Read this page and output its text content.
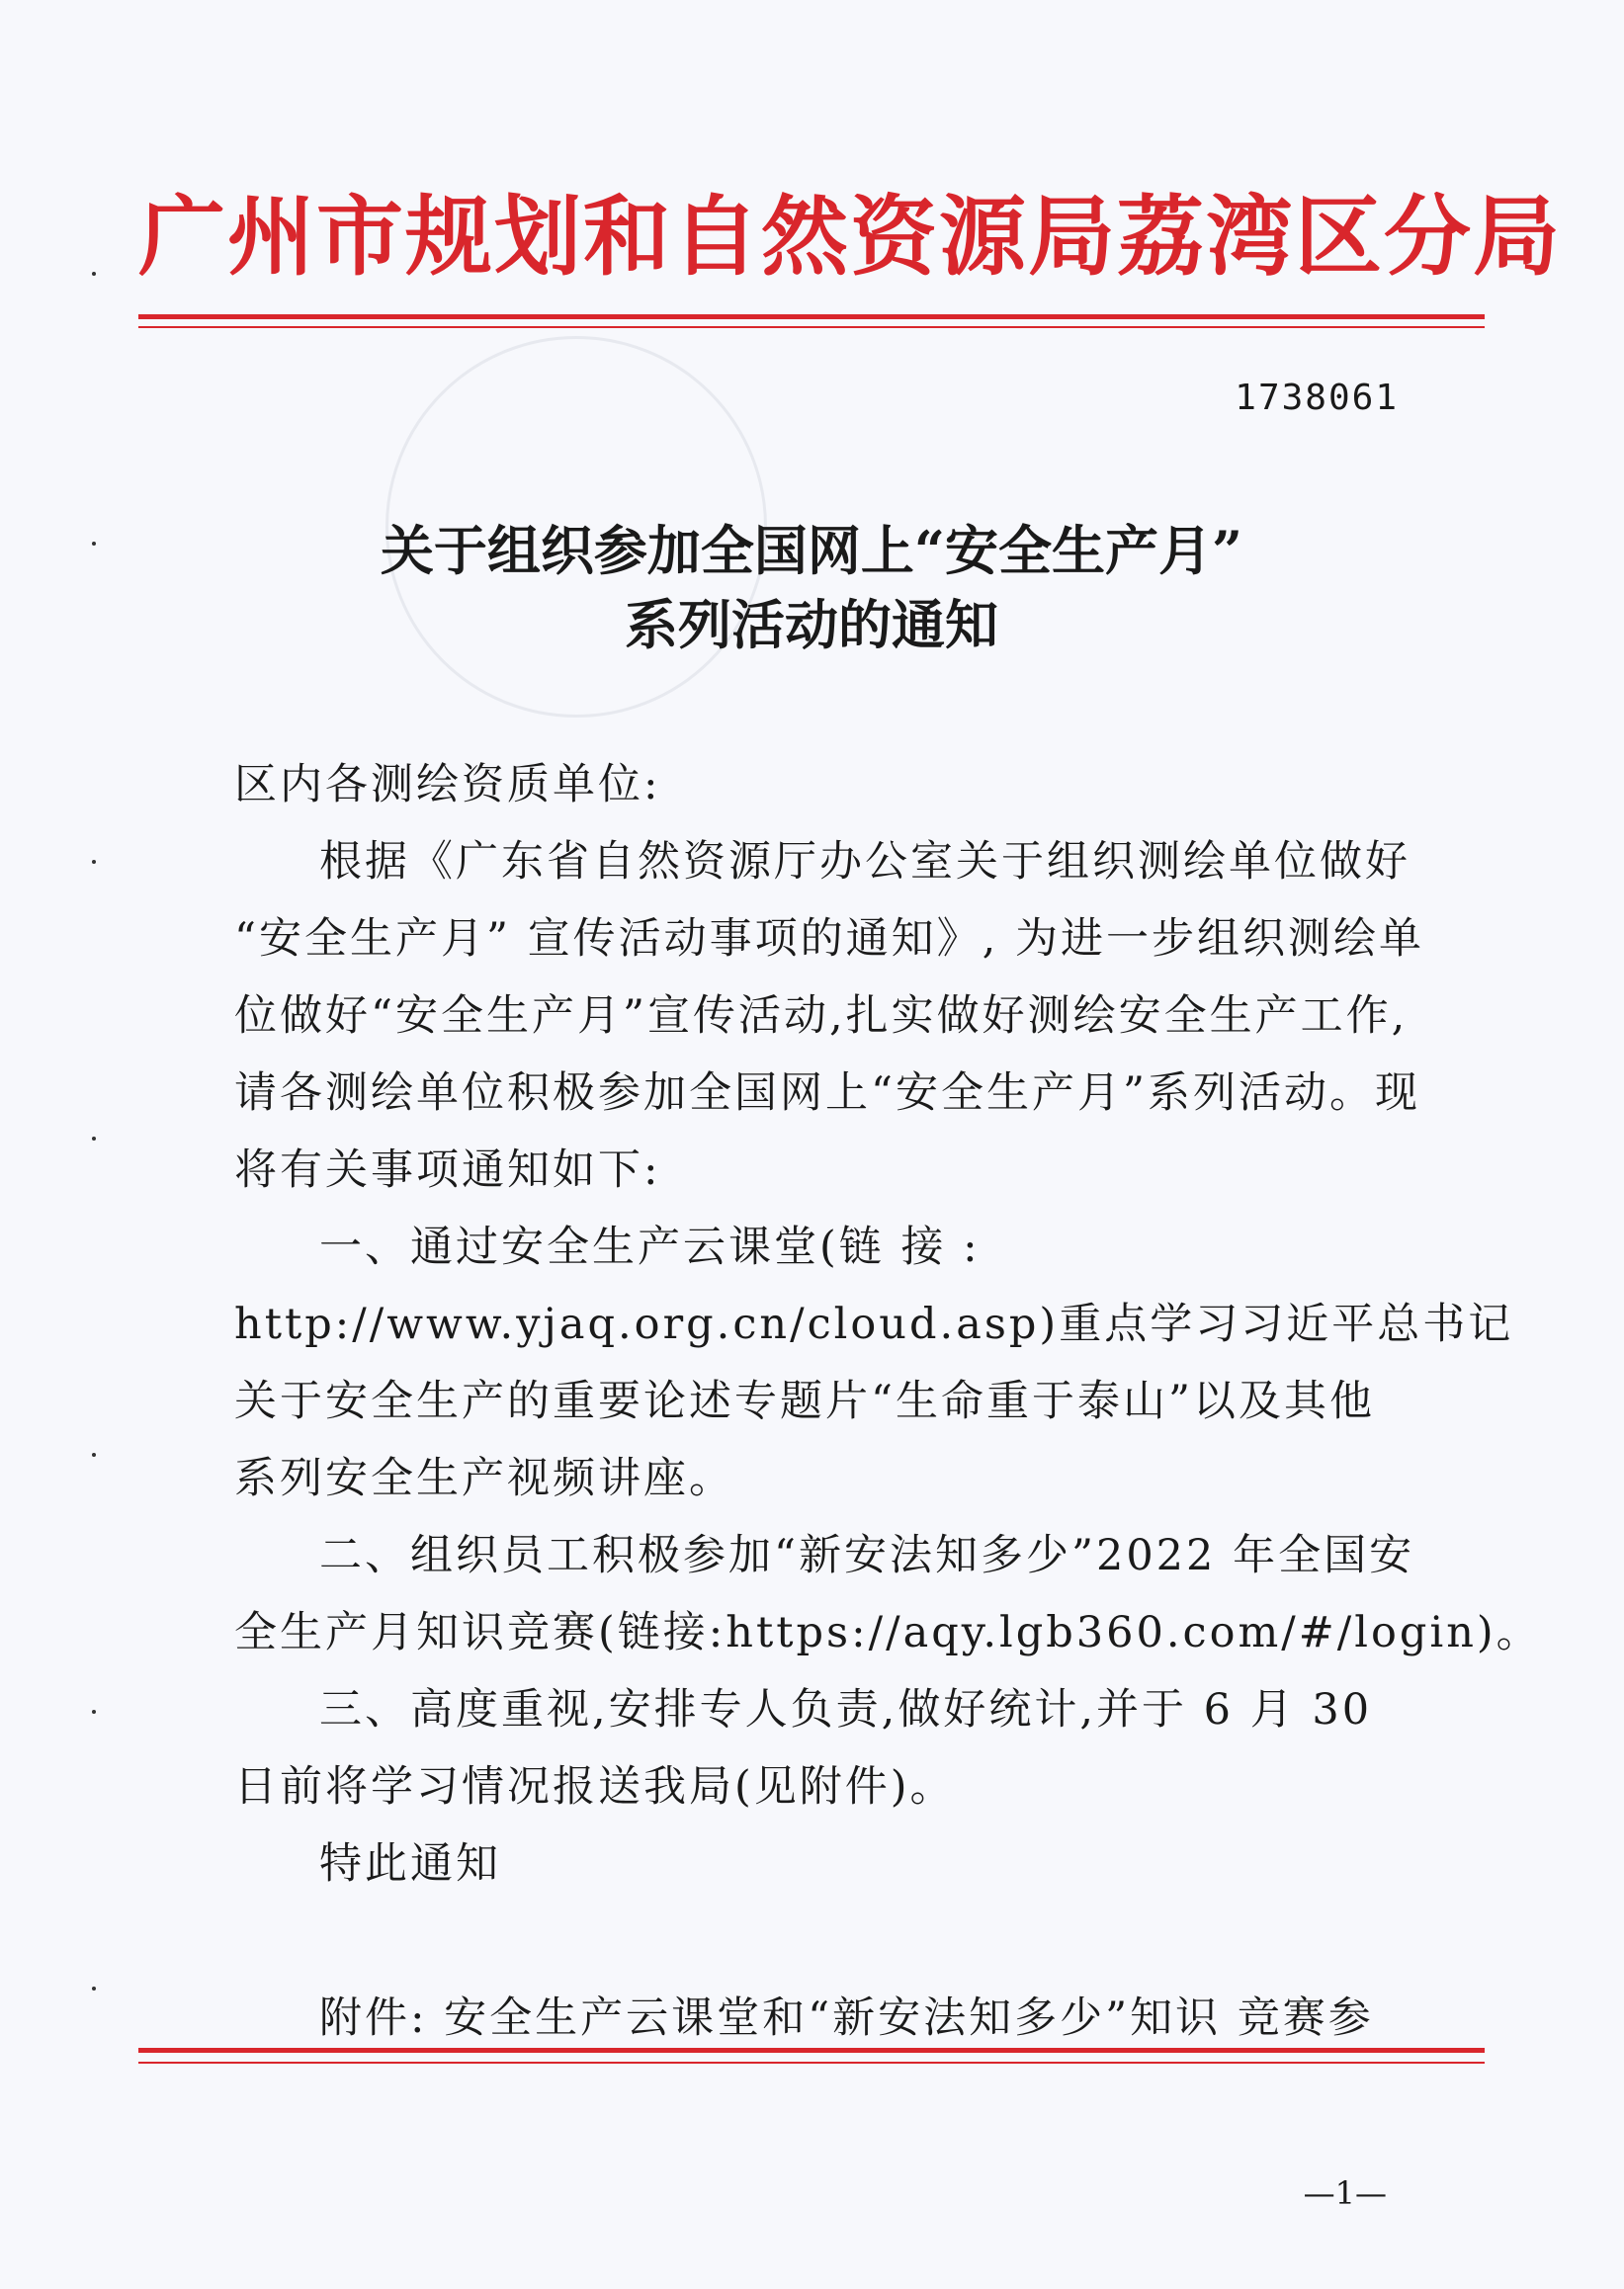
广州市规划和自然资源局荔湾区分局
1738061
关于组织参加全国网上“安全生产月”
系列活动的通知
区内各测绘资质单位:
根据《广东省自然资源厅办公室关于组织测绘单位做好
“安全生产月” 宣传活动事项的通知》, 为进一步组织测绘单
位做好“安全生产月”宣传活动,扎实做好测绘安全生产工作,
请各测绘单位积极参加全国网上“安全生产月”系列活动。现
将有关事项通知如下:
一、通过安全生产云课堂(链 接 :
http://www.yjaq.org.cn/cloud.asp)重点学习习近平总书记
关于安全生产的重要论述专题片“生命重于泰山”以及其他
系列安全生产视频讲座。
二、组织员工积极参加“新安法知多少”2022 年全国安
全生产月知识竞赛(链接:https://aqy.lgb360.com/#/login)。
三、高度重视,安排专人负责,做好统计,并于 6 月 30
日前将学习情况报送我局(见附件)。
特此通知

附件: 安全生产云课堂和“新安法知多少”知识 竞赛参
—1—
